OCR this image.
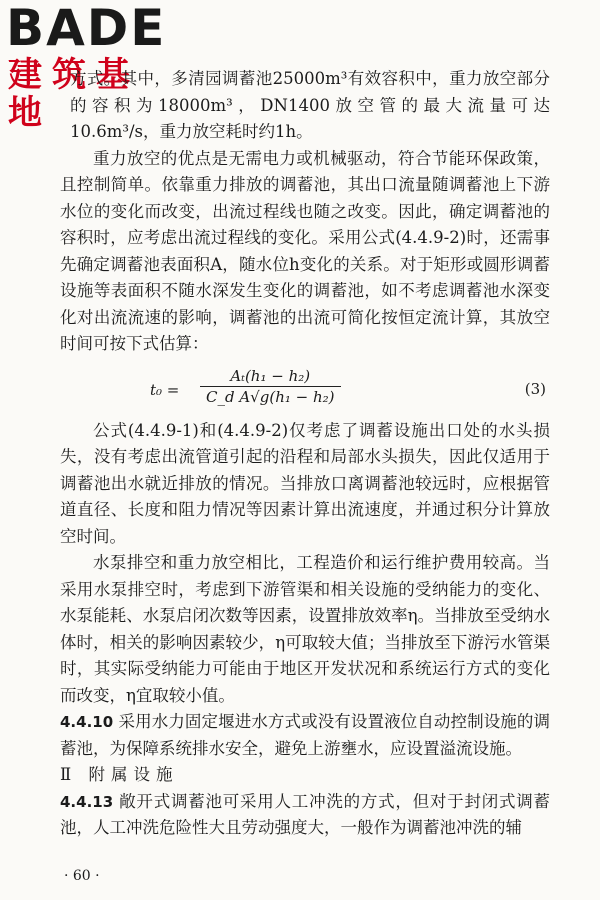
BADE
建筑基地

方式。其中，多清园调蓄池25000m³有效容积中，重力放空部分的容积为18000m³，DN1400放空管的最大流量可达10.6m³/s，重力放空耗时约1h。

重力放空的优点是无需电力或机械驱动，符合节能环保政策，且控制简单。依靠重力排放的调蓄池，其出口流量随调蓄池上下游水位的变化而改变，出流过程线也随之改变。因此，确定调蓄池的容积时，应考虑出流过程线的变化。采用公式(4.4.9-2)时，还需事先确定调蓄池表面积A，随水位h变化的关系。对于矩形或圆形调蓄设施等表面积不随水深发生变化的调蓄池，如不考虑调蓄池水深变化对出流流速的影响，调蓄池的出流可简化按恒定流计算，其放空时间可按下式估算：

t₀ =
Aₜ(h₁ − h₂)
C_d A√g(h₁ − h₂)	(3)

公式(4.4.9-1)和(4.4.9-2)仅考虑了调蓄设施出口处的水头损失，没有考虑出流管道引起的沿程和局部水头损失，因此仅适用于调蓄池出水就近排放的情况。当排放口离调蓄池较远时，应根据管道直径、长度和阻力情况等因素计算出流速度，并通过积分计算放空时间。

水泵排空和重力放空相比，工程造价和运行维护费用较高。当采用水泵排空时，考虑到下游管渠和相关设施的受纳能力的变化、水泵能耗、水泵启闭次数等因素，设置排放效率η。当排放至受纳水体时，相关的影响因素较少，η可取较大值；当排放至下游污水管渠时，其实际受纳能力可能由于地区开发状况和系统运行方式的变化而改变，η宜取较小值。

4.4.10 采用水力固定堰进水方式或没有设置液位自动控制设施的调蓄池，为保障系统排水安全，避免上游壅水，应设置溢流设施。

Ⅱ 附属设施

4.4.13 敞开式调蓄池可采用人工冲洗的方式，但对于封闭式调蓄池，人工冲洗危险性大且劳动强度大，一般作为调蓄池冲洗的辅

· 60 ·
